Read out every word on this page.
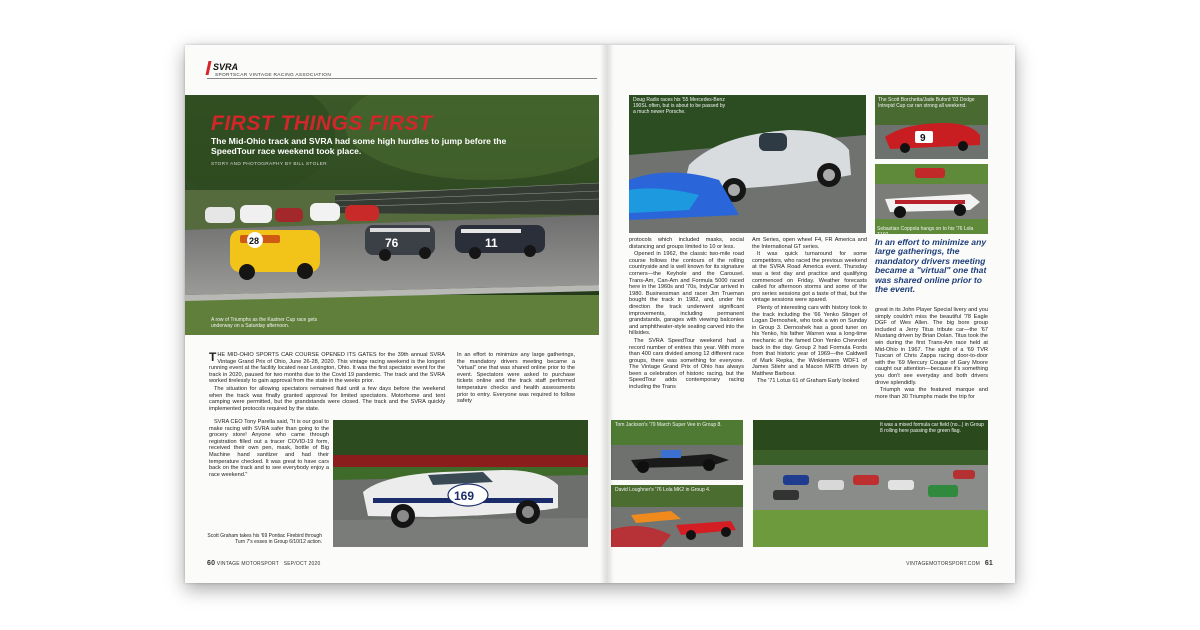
SVRA
SPORTSCAR VINTAGE RACING ASSOCIATION
76	11
28
FIRST THINGS FIRST
The Mid-Ohio track and SVRA had some high hurdles to jump before the SpeedTour race weekend took place.
STORY AND PHOTOGRAPHY BY BILL STOLER
A row of Triumphs as the Kastner Cup race gets underway on a Saturday afternoon.

THE MID-OHIO SPORTS CAR COURSE OPENED ITS GATES for the 39th annual SVRA Vintage Grand Prix of Ohio, June 26-28, 2020. This vintage racing weekend is the longest running event at the facility located near Lexington, Ohio. It was the first spectator event for the track in 2020, paused for two months due to the Covid 19 pandemic. The track and the SVRA worked tirelessly to gain approval from the state in the weeks prior.

The situation for allowing spectators remained fluid until a few days before the weekend when the track was finally granted approval for limited spectators. Motorhome and tent camping were permitted, but the grandstands were closed. The track and the SVRA quickly implemented protocols required by the state.

SVRA CEO Tony Parella said, "It is our goal to make racing with SVRA safer than going to the grocery store! Anyone who came through registration filled out a tracer COVID-19 form, received their own pen, mask, bottle of Big Machine hand sanitizer and had their temperature checked. It was great to have cars back on the track and to see everybody enjoy a race weekend."

In an effort to minimize any large gatherings, the mandatory drivers meeting became a "virtual" one that was shared online prior to the event. Spectators were asked to purchase tickets online and the track staff performed temperature checks and health assessments prior to entry. Everyone was required to follow safety

169
Scott Graham takes his '69 Pontiac Firebird through Turn 7's esses in Group 6/10/12 action.
60 VINTAGE MOTORSPORT SEP/OCT 2020
Doug Radix races his '55 Mercedes-Benz 190SL often, but is about to be passed by a much newer Porsche.
9
The Scott Borchetta/Jade Buford '03 Dodge Intrepid Cup car ran strong all weekend.
Sebastian Coppola hangs on to his '76 Lola T192.
In an effort to minimize any large gatherings, the mandatory drivers meeting became a "virtual" one that was shared online prior to the event.

protocols which included masks, social distancing and groups limited to 10 or less.

Opened in 1962, the classic two-mile road course follows the contours of the rolling countryside and is well known for its signature corners—the Keyhole and the Carousel. Trans-Am, Can-Am and Formula 5000 raced here in the 1960s and '70s, IndyCar arrived in 1980. Businessman and racer Jim Trueman bought the track in 1982, and, under his direction the track underwent significant improvements, including permanent grandstands, garages with viewing balconies and amphitheater-style seating carved into the hillsides.

The SVRA SpeedTour weekend had a record number of entries this year. With more than 400 cars divided among 12 different race groups, there was something for everyone. The Vintage Grand Prix of Ohio has always been a celebration of historic racing, but the SpeedTour adds contemporary racing including the Trans

Am Series, open wheel F4, FR America and the International GT series.

It was quick turnaround for some competitors, who raced the previous weekend at the SVRA Road America event. Thursday was a test day and practice and qualifying commenced on Friday. Weather forecasts called for afternoon storms and some of the pro series sessions got a taste of that, but the vintage sessions were spared.

Plenty of interesting cars with history took to the track including the '66 Yenko Stinger of Logan Dernoshek, who took a win on Sunday in Group 3. Dernoshek has a good tuner on his Yenko, his father Warren was a long-time mechanic at the famed Don Yenko Chevrolet back in the day. Group 2 had Formula Fords from that historic year of 1969—the Caldwell of Mark Repka, the Winklemann WDF1 of James Stiehr and a Macon MR7B driven by Matthew Barbour.

The '71 Lotus 61 of Graham Early looked

great in its John Player Special livery and you simply couldn't miss the beautiful '78 Eagle DGF of Wes Allen. The big bore group included a Jerry Titus tribute car—the '67 Mustang driven by Brian Dolan. Titus took the win during the first Trans-Am race held at Mid-Ohio in 1967. The sight of a '69 TVR Tuscan of Chris Zappa racing door-to-door with the '69 Mercury Cougar of Gary Moore caught our attention—because it's something you don't see everyday and both drivers drove splendidly.

Triumph was the featured marque and more than 30 Triumphs made the trip for

Tom Jackson's '79 March Super Vee in Group 8.
David Loughner's '76 Lola MK2 in Group 4.
It was a mixed formula car field (no...) in Group 8 rolling here passing the green flag.
VINTAGEMOTORSPORT.COM 61
